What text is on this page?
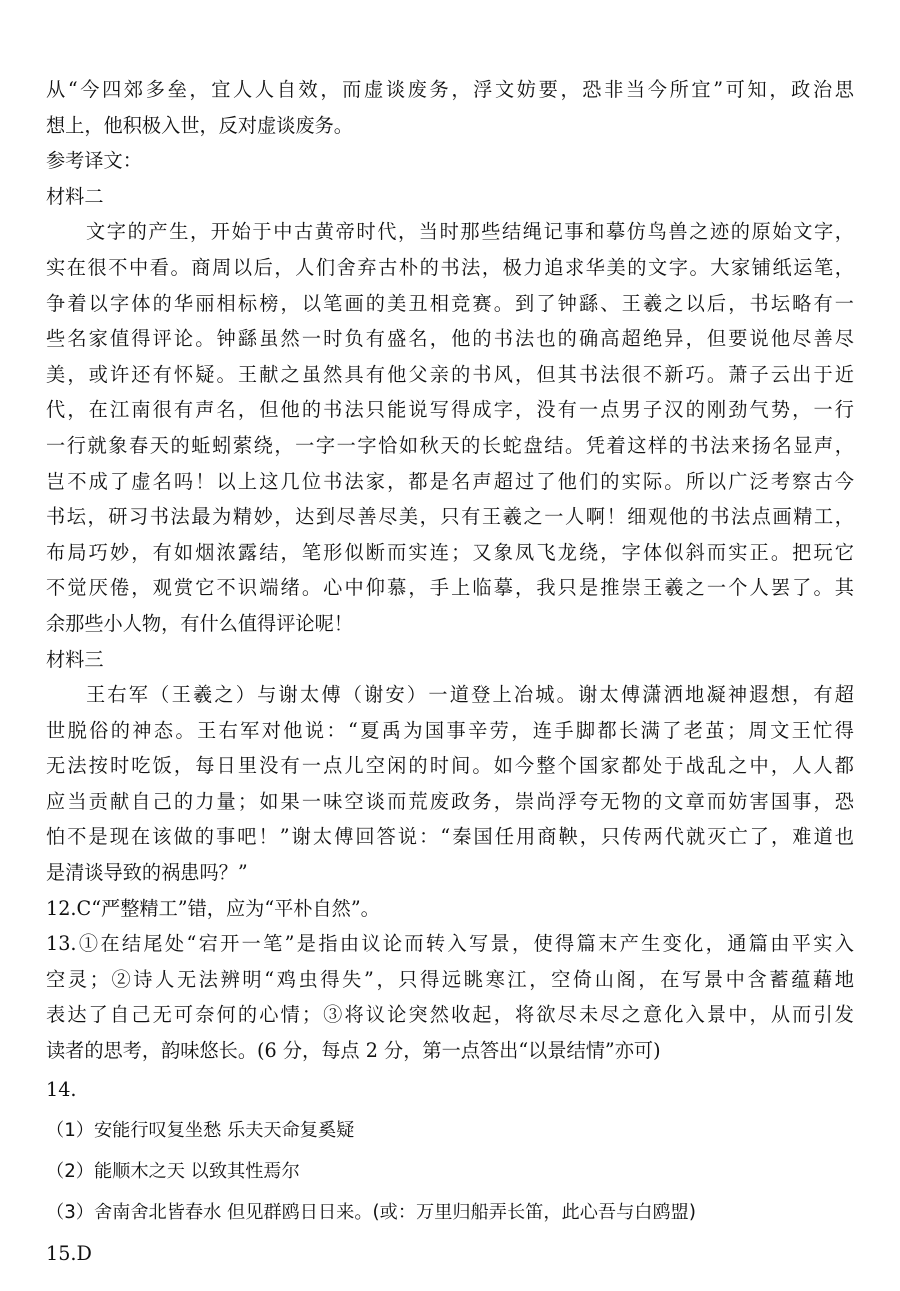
从“今四郊多垒，宜人人自效，而虚谈废务，浮文妨要，恐非当今所宜”可知，政治思
想上，他积极入世，反对虚谈废务。
参考译文：
材料二
文字的产生，开始于中古黄帝时代，当时那些结绳记事和摹仿鸟兽之迹的原始文字，
实在很不中看。商周以后，人们舍弃古朴的书法，极力追求华美的文字。大家铺纸运笔，
争着以字体的华丽相标榜，以笔画的美丑相竞赛。到了钟繇、王羲之以后，书坛略有一
些名家值得评论。钟繇虽然一时负有盛名，他的书法也的确高超绝异，但要说他尽善尽
美，或许还有怀疑。王献之虽然具有他父亲的书风，但其书法很不新巧。萧子云出于近
代，在江南很有声名，但他的书法只能说写得成字，没有一点男子汉的刚劲气势，一行
一行就象春天的蚯蚓萦绕，一字一字恰如秋天的长蛇盘结。凭着这样的书法来扬名显声，
岂不成了虚名吗！以上这几位书法家，都是名声超过了他们的实际。所以广泛考察古今
书坛，研习书法最为精妙，达到尽善尽美，只有王羲之一人啊！细观他的书法点画精工，
布局巧妙，有如烟浓露结，笔形似断而实连；又象凤飞龙绕，字体似斜而实正。把玩它
不觉厌倦，观赏它不识端绪。心中仰慕，手上临摹，我只是推崇王羲之一个人罢了。其
余那些小人物，有什么值得评论呢！
材料三
王右军（王羲之）与谢太傅（谢安）一道登上冶城。谢太傅潇洒地凝神遐想，有超
世脱俗的神态。王右军对他说：“夏禹为国事辛劳，连手脚都长满了老茧；周文王忙得
无法按时吃饭，每日里没有一点儿空闲的时间。如今整个国家都处于战乱之中，人人都
应当贡献自己的力量；如果一味空谈而荒废政务，崇尚浮夸无物的文章而妨害国事，恐
怕不是现在该做的事吧！”谢太傅回答说：“秦国任用商鞅，只传两代就灭亡了，难道也
是清谈导致的祸患吗？”
12.C“严整精工”错，应为“平朴自然”。
13.①在结尾处“宕开一笔”是指由议论而转入写景，使得篇末产生变化，通篇由平实入
空灵；②诗人无法辨明“鸡虫得失”，只得远眺寒江，空倚山阁，在写景中含蓄蕴藉地
表达了自己无可奈何的心情；③将议论突然收起，将欲尽未尽之意化入景中，从而引发
读者的思考，韵味悠长。(6 分，每点 2 分，第一点答出“以景结情”亦可)
14.
（1）安能行叹复坐愁 乐夫天命复奚疑
（2）能顺木之天 以致其性焉尔
（3）舍南舍北皆春水 但见群鸥日日来。(或：万里归船弄长笛，此心吾与白鸥盟)
15.D
